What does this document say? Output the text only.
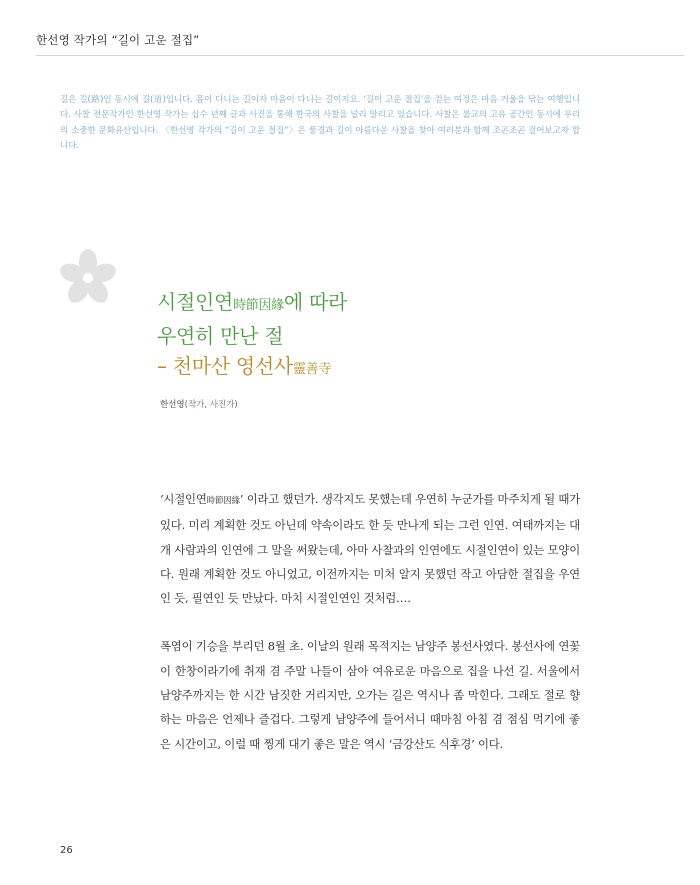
한선영 작가의 “길이 고운 절집”
길은 길(路)인 동시에 길(道)입니다. 몸이 다니는 길이자 마음이 다니는 길이지요. ‘길이 고운 절집’을 걷는 여정은 마음 거울을 닦는 여행입니다. 사찰 전문작가인 한선영 작가는 십수 년째 글과 사진을 통해 한국의 사찰을 널리 알리고 있습니다. 사찰은 불교의 고유 공간인 동시에 우리의 소중한 문화유산입니다. 〈한선영 작가의 “길이 고운 절집”〉은 풍경과 길이 아름다운 사찰을 찾아 여러분과 함께 조곤조곤 걸어보고자 합니다.
시절인연時節因緣에 따라
우연히 만난 절
– 천마산 영선사靈善寺
한선영(작가, 사진가)

‘시절인연時節因緣’ 이라고 했던가. 생각지도 못했는데 우연히 누군가를 마주치게 될 때가 있다. 미리 계획한 것도 아닌데 약속이라도 한 듯 만나게 되는 그런 인연. 여태까지는 대개 사람과의 인연에 그 말을 써왔는데, 아마 사찰과의 인연에도 시절인연이 있는 모양이다. 원래 계획한 것도 아니었고, 이전까지는 미처 알지 못했던 작고 아담한 절집을 우연인 듯, 필연인 듯 만났다. 마치 시절인연인 것처럼….

폭염이 기승을 부리던 8월 초. 이날의 원래 목적지는 남양주 봉선사였다. 봉선사에 연꽃이 한창이라기에 취재 겸 주말 나들이 삼아 여유로운 마음으로 집을 나선 길. 서울에서 남양주까지는 한 시간 남짓한 거리지만, 오가는 길은 역시나 좀 막힌다. 그래도 절로 향하는 마음은 언제나 즐겁다. 그렇게 남양주에 들어서니 때마침 아침 겸 점심 먹기에 좋은 시간이고, 이럴 때 찡게 대기 좋은 말은 역시 ‘금강산도 식후경’ 이다.

26
